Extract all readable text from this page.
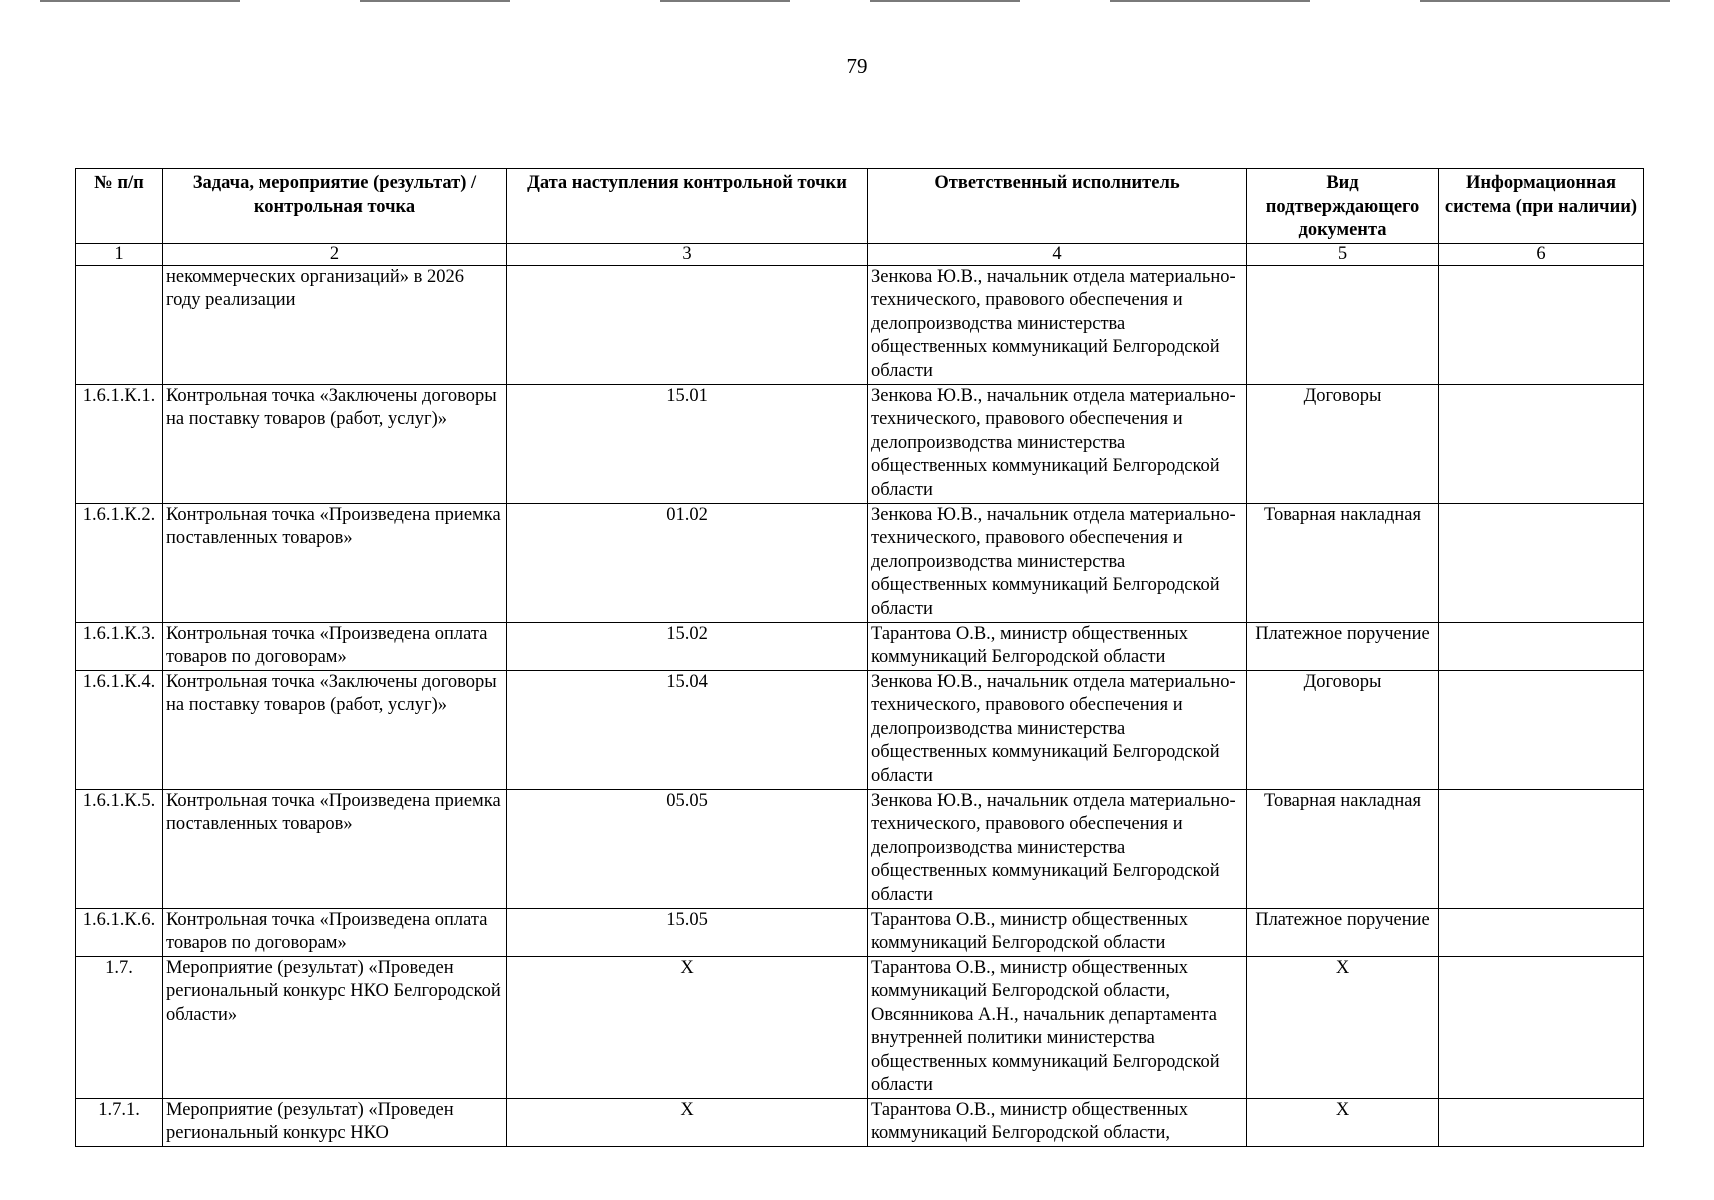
79
№ п/п	Задача, мероприятие (результат) / контрольная точка	Дата наступления контрольной точки	Ответственный исполнитель	Вид подтверждающего документа	Информационная система (при наличии)
1	2	3	4	5	6
	некоммерческих организаций» в 2026 году реализации		Зенкова Ю.В., начальник отдела материально-технического, правового обеспечения и делопроизводства министерства общественных коммуникаций Белгородской области		
1.6.1.К.1.	Контрольная точка «Заключены договоры на поставку товаров (работ, услуг)»	15.01	Зенкова Ю.В., начальник отдела материально-технического, правового обеспечения и делопроизводства министерства общественных коммуникаций Белгородской области	Договоры	
1.6.1.К.2.	Контрольная точка «Произведена приемка поставленных товаров»	01.02	Зенкова Ю.В., начальник отдела материально-технического, правового обеспечения и делопроизводства министерства общественных коммуникаций Белгородской области	Товарная накладная	
1.6.1.К.3.	Контрольная точка «Произведена оплата товаров по договорам»	15.02	Тарантова О.В., министр общественных коммуникаций Белгородской области	Платежное поручение	
1.6.1.К.4.	Контрольная точка «Заключены договоры на поставку товаров (работ, услуг)»	15.04	Зенкова Ю.В., начальник отдела материально-технического, правового обеспечения и делопроизводства министерства общественных коммуникаций Белгородской области	Договоры	
1.6.1.К.5.	Контрольная точка «Произведена приемка поставленных товаров»	05.05	Зенкова Ю.В., начальник отдела материально-технического, правового обеспечения и делопроизводства министерства общественных коммуникаций Белгородской области	Товарная накладная	
1.6.1.К.6.	Контрольная точка «Произведена оплата товаров по договорам»	15.05	Тарантова О.В., министр общественных коммуникаций Белгородской области	Платежное поручение	
1.7.	Мероприятие (результат) «Проведен региональный конкурс НКО Белгородской области»	X	Тарантова О.В., министр общественных коммуникаций Белгородской области, Овсянникова А.Н., начальник департамента внутренней политики министерства общественных коммуникаций Белгородской области	X	
1.7.1.	Мероприятие (результат) «Проведен региональный конкурс НКО	X	Тарантова О.В., министр общественных коммуникаций Белгородской области,	X	
